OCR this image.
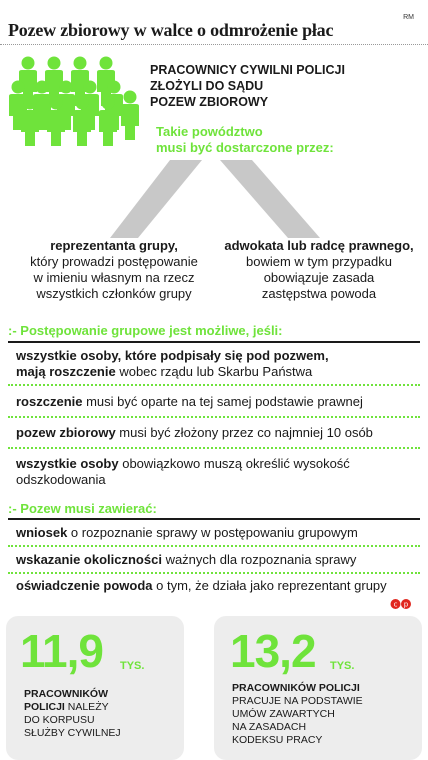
Pozew zbiorowy w walce o odmrożenie płac
RM
PRACOWNICY CYWILNI POLICJI
ZŁOŻYLI DO SĄDU
POZEW ZBIOROWY
Takie powództwo
musi być dostarczone przez:
reprezentanta grupy,
który prowadzi postępowanie
w imieniu własnym na rzecz
wszystkich członków grupy
adwokata lub radcę prawnego,
bowiem w tym przypadku
obowiązuje zasada
zastępstwa powoda
:- Postępowanie grupowe jest możliwe, jeśli:
wszystkie osoby, które podpisały się pod pozwem,
mają roszczenie wobec rządu lub Skarbu Państwa
roszczenie musi być oparte na tej samej podstawie prawnej
pozew zbiorowy musi być złożony przez co najmniej 10 osób
wszystkie osoby obowiązkowo muszą określić wysokość
odszkodowania
:- Pozew musi zawierać:
wniosek o rozpoznanie sprawy w postępowaniu grupowym
wskazanie okoliczności ważnych dla rozpoznania sprawy
oświadczenie powoda o tym, że działa jako reprezentant grupy
c p
11,9 TYS.
PRACOWNIKÓW
POLICJI NALEŻY
DO KORPUSU
SŁUŻBY CYWILNEJ
13,2 TYS.
PRACOWNIKÓW POLICJI
PRACUJE NA PODSTAWIE
UMÓW ZAWARTYCH
NA ZASADACH
KODEKSU PRACY
